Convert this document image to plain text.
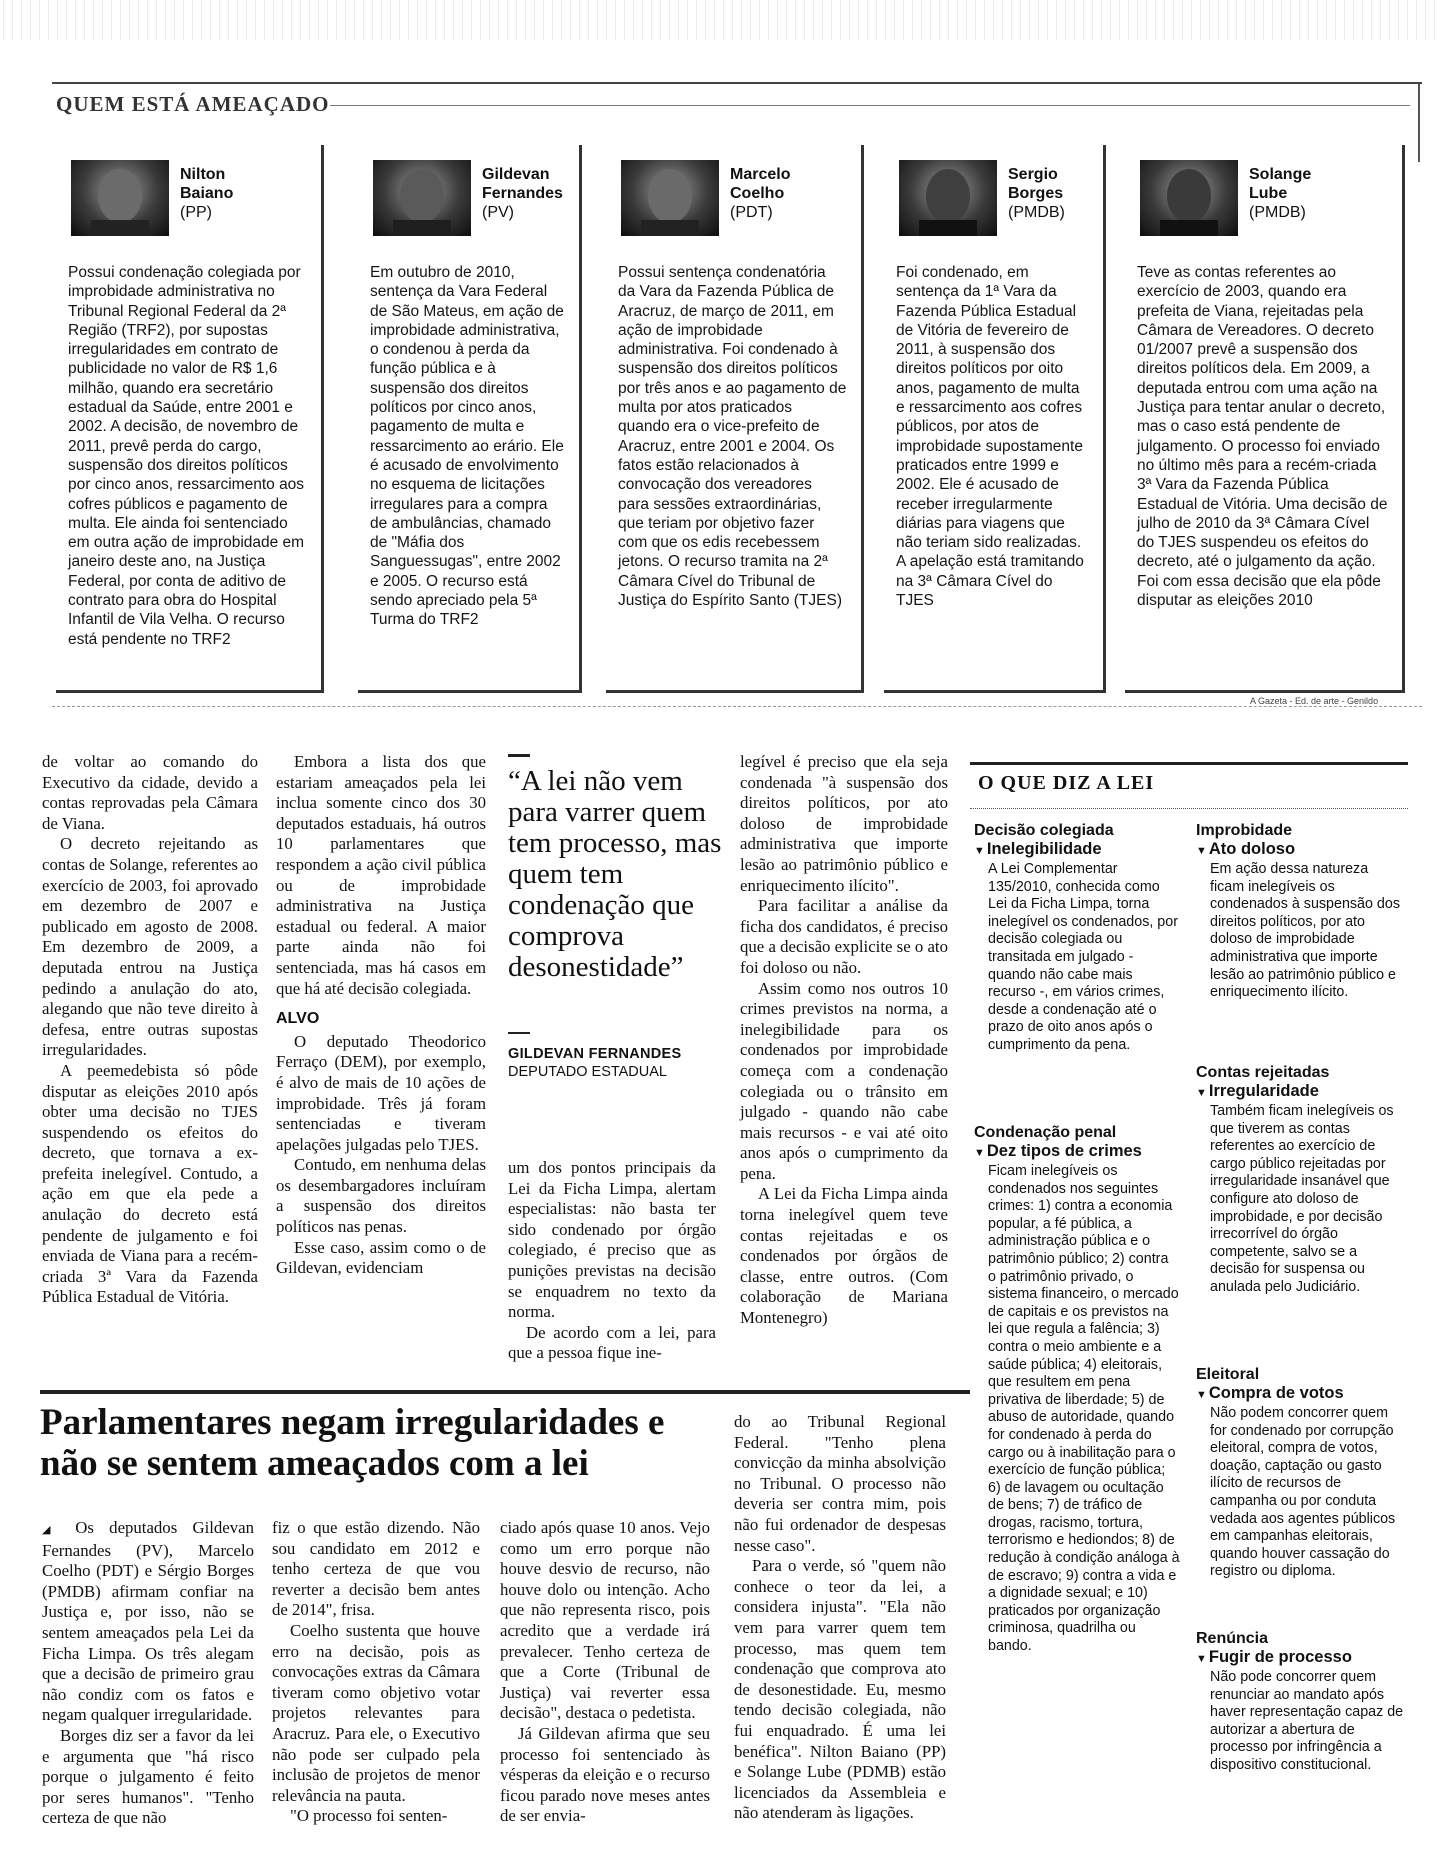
QUEM ESTÁ AMEAÇADO
Nilton Baiano
(PP)
Possui condenação colegiada por improbidade administrativa no Tribunal Regional Federal da 2ª Região (TRF2), por supostas irregularidades em contrato de publicidade no valor de R$ 1,6 milhão, quando era secretário estadual da Saúde, entre 2001 e 2002. A decisão, de novembro de 2011, prevê perda do cargo, suspensão dos direitos políticos por cinco anos, ressarcimento aos cofres públicos e pagamento de multa. Ele ainda foi sentenciado em outra ação de improbidade em janeiro deste ano, na Justiça Federal, por conta de aditivo de contrato para obra do Hospital Infantil de Vila Velha. O recurso está pendente no TRF2
Gildevan Fernandes
(PV)
Em outubro de 2010, sentença da Vara Federal de São Mateus, em ação de improbidade administrativa, o condenou à perda da função pública e à suspensão dos direitos políticos por cinco anos, pagamento de multa e ressarcimento ao erário. Ele é acusado de envolvimento no esquema de licitações irregulares para a compra de ambulâncias, chamado de "Máfia dos Sanguessugas", entre 2002 e 2005. O recurso está sendo apreciado pela 5ª Turma do TRF2
Marcelo Coelho
(PDT)
Possui sentença condenatória da Vara da Fazenda Pública de Aracruz, de março de 2011, em ação de improbidade administrativa. Foi condenado à suspensão dos direitos políticos por três anos e ao pagamento de multa por atos praticados quando era o vice-prefeito de Aracruz, entre 2001 e 2004. Os fatos estão relacionados à convocação dos vereadores para sessões extraordinárias, que teriam por objetivo fazer com que os edis recebessem jetons. O recurso tramita na 2ª Câmara Cível do Tribunal de Justiça do Espírito Santo (TJES)
Sergio Borges
(PMDB)
Foi condenado, em sentença da 1ª Vara da Fazenda Pública Estadual de Vitória de fevereiro de 2011, à suspensão dos direitos políticos por oito anos, pagamento de multa e ressarcimento aos cofres públicos, por atos de improbidade supostamente praticados entre 1999 e 2002. Ele é acusado de receber irregularmente diárias para viagens que não teriam sido realizadas. A apelação está tramitando na 3ª Câmara Cível do TJES
Solange Lube
(PMDB)
Teve as contas referentes ao exercício de 2003, quando era prefeita de Viana, rejeitadas pela Câmara de Vereadores. O decreto 01/2007 prevê a suspensão dos direitos políticos dela. Em 2009, a deputada entrou com uma ação na Justiça para tentar anular o decreto, mas o caso está pendente de julgamento. O processo foi enviado no último mês para a recém-criada 3ª Vara da Fazenda Pública Estadual de Vitória. Uma decisão de julho de 2010 da 3ª Câmara Cível do TJES suspendeu os efeitos do decreto, até o julgamento da ação. Foi com essa decisão que ela pôde disputar as eleições 2010
A Gazeta - Ed. de arte - Genildo

de voltar ao comando do Executivo da cidade, devido a contas reprovadas pela Câmara de Viana.

O decreto rejeitando as contas de Solange, referentes ao exercício de 2003, foi aprovado em dezembro de 2007 e publicado em agosto de 2008. Em dezembro de 2009, a deputada entrou na Justiça pedindo a anulação do ato, alegando que não teve direito à defesa, entre outras supostas irregularidades.

A peemedebista só pôde disputar as eleições 2010 após obter uma decisão no TJES suspendendo os efeitos do decreto, que tornava a ex-prefeita inelegível. Contudo, a ação em que ela pede a anulação do decreto está pendente de julgamento e foi enviada de Viana para a recém-criada 3ª Vara da Fazenda Pública Estadual de Vitória.

Embora a lista dos que estariam ameaçados pela lei inclua somente cinco dos 30 deputados estaduais, há outros 10 parlamentares que respondem a ação civil pública ou de improbidade administrativa na Justiça estadual ou federal. A maior parte ainda não foi sentenciada, mas há casos em que há até decisão colegiada.

ALVO

O deputado Theodorico Ferraço (DEM), por exemplo, é alvo de mais de 10 ações de improbidade. Três já foram sentenciadas e tiveram apelações julgadas pelo TJES.

Contudo, em nenhuma delas os desembargadores incluíram a suspensão dos direitos políticos nas penas.

Esse caso, assim como o de Gildevan, evidenciam

“A lei não vem para varrer quem tem processo, mas quem tem condenação que comprova desonestidade”
GILDEVAN FERNANDES
DEPUTADO ESTADUAL

um dos pontos principais da Lei da Ficha Limpa, alertam especialistas: não basta ter sido condenado por órgão colegiado, é preciso que as punições previstas na decisão se enquadrem no texto da norma.

De acordo com a lei, para que a pessoa fique ine-

legível é preciso que ela seja condenada "à suspensão dos direitos políticos, por ato doloso de improbidade administrativa que importe lesão ao patrimônio público e enriquecimento ilícito".

Para facilitar a análise da ficha dos candidatos, é preciso que a decisão explicite se o ato foi doloso ou não.

Assim como nos outros 10 crimes previstos na norma, a inelegibilidade para os condenados por improbidade começa com a condenação colegiada ou o trânsito em julgado - quando não cabe mais recursos - e vai até oito anos após o cumprimento da pena.

A Lei da Ficha Limpa ainda torna inelegível quem teve contas rejeitadas e os condenados por órgãos de classe, entre outros. (Com colaboração de Mariana Montenegro)

O QUE DIZ A LEI
Decisão colegiada
▼ Inelegibilidade
A Lei Complementar 135/2010, conhecida como Lei da Ficha Limpa, torna inelegível os condenados, por decisão colegiada ou transitada em julgado - quando não cabe mais recurso -, em vários crimes, desde a condenação até o prazo de oito anos após o cumprimento da pena.
Condenação penal
▼ Dez tipos de crimes
Ficam inelegíveis os condenados nos seguintes crimes: 1) contra a economia popular, a fé pública, a administração pública e o patrimônio público; 2) contra o patrimônio privado, o sistema financeiro, o mercado de capitais e os previstos na lei que regula a falência; 3) contra o meio ambiente e a saúde pública; 4) eleitorais, que resultem em pena privativa de liberdade; 5) de abuso de autoridade, quando for condenado à perda do cargo ou à inabilitação para o exercício de função pública; 6) de lavagem ou ocultação de bens; 7) de tráfico de drogas, racismo, tortura, terrorismo e hediondos; 8) de redução à condição análoga à de escravo; 9) contra a vida e a dignidade sexual; e 10) praticados por organização criminosa, quadrilha ou bando.
Improbidade
▼ Ato doloso
Em ação dessa natureza ficam inelegíveis os condenados à suspensão dos direitos políticos, por ato doloso de improbidade administrativa que importe lesão ao patrimônio público e enriquecimento ilícito.
Contas rejeitadas
▼ Irregularidade
Também ficam inelegíveis os que tiverem as contas referentes ao exercício de cargo público rejeitadas por irregularidade insanável que configure ato doloso de improbidade, e por decisão irrecorrível do órgão competente, salvo se a decisão for suspensa ou anulada pelo Judiciário.
Eleitoral
▼ Compra de votos
Não podem concorrer quem for condenado por corrupção eleitoral, compra de votos, doação, captação ou gasto ilícito de recursos de campanha ou por conduta vedada aos agentes públicos em campanhas eleitorais, quando houver cassação do registro ou diploma.
Renúncia
▼ Fugir de processo
Não pode concorrer quem renunciar ao mandato após haver representação capaz de autorizar a abertura de processo por infringência a dispositivo constitucional.
Parlamentares negam irregularidades e não se sentem ameaçados com a lei

◢ Os deputados Gildevan Fernandes (PV), Marcelo Coelho (PDT) e Sérgio Borges (PMDB) afirmam confiar na Justiça e, por isso, não se sentem ameaçados pela Lei da Ficha Limpa. Os três alegam que a decisão de primeiro grau não condiz com os fatos e negam qualquer irregularidade.

Borges diz ser a favor da lei e argumenta que "há risco porque o julgamento é feito por seres humanos". "Tenho certeza de que não

fiz o que estão dizendo. Não sou candidato em 2012 e tenho certeza de que vou reverter a decisão bem antes de 2014", frisa.

Coelho sustenta que houve erro na decisão, pois as convocações extras da Câmara tiveram como objetivo votar projetos relevantes para Aracruz. Para ele, o Executivo não pode ser culpado pela inclusão de projetos de menor relevância na pauta.

"O processo foi senten-

ciado após quase 10 anos. Vejo como um erro porque não houve desvio de recurso, não houve dolo ou intenção. Acho que não representa risco, pois acredito que a verdade irá prevalecer. Tenho certeza de que a Corte (Tribunal de Justiça) vai reverter essa decisão", destaca o pedetista.

Já Gildevan afirma que seu processo foi sentenciado às vésperas da eleição e o recurso ficou parado nove meses antes de ser envia-

do ao Tribunal Regional Federal. "Tenho plena convicção da minha absolvição no Tribunal. O processo não deveria ser contra mim, pois não fui ordenador de despesas nesse caso".

Para o verde, só "quem não conhece o teor da lei, a considera injusta". "Ela não vem para varrer quem tem processo, mas quem tem condenação que comprova ato de desonestidade. Eu, mesmo tendo decisão colegiada, não fui enquadrado. É uma lei benéfica". Nilton Baiano (PP) e Solange Lube (PDMB) estão licenciados da Assembleia e não atenderam às ligações.
